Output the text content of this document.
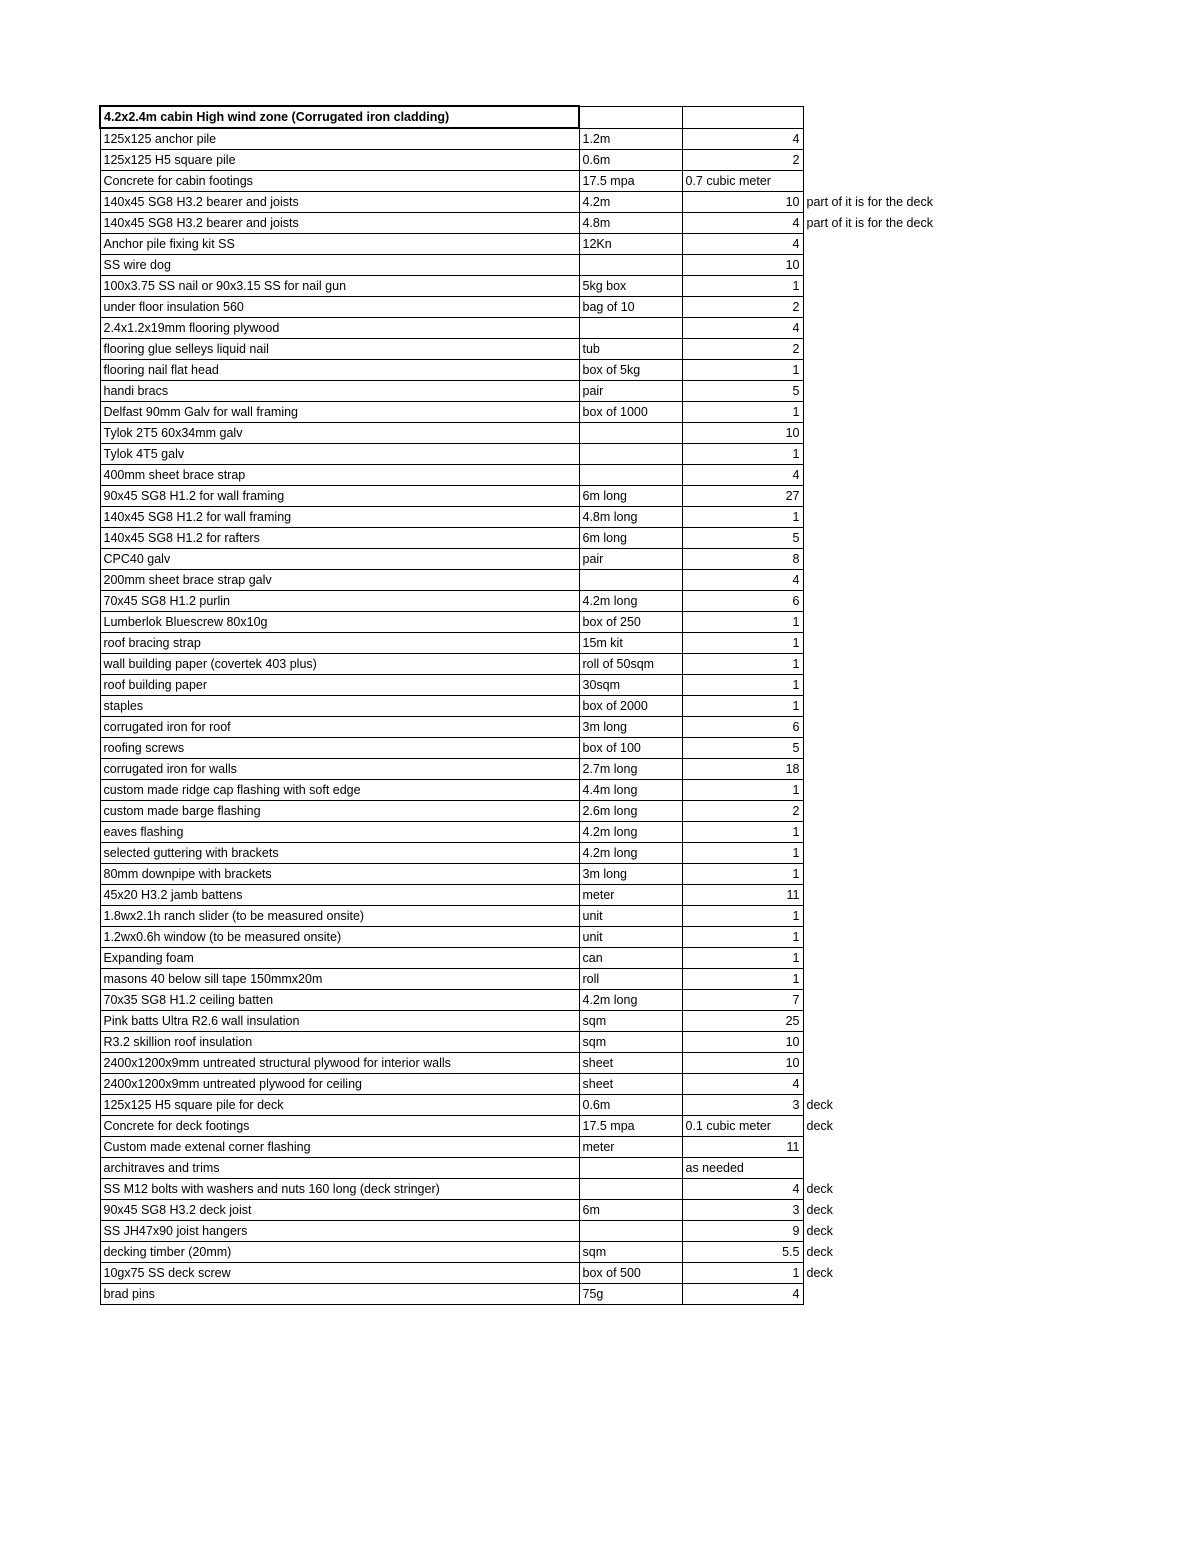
4.2x2.4m cabin High wind zone (Corrugated iron cladding)			
125x125 anchor pile	1.2m	4	

125x125 H5 square pile	0.6m	2	

Concrete for cabin footings	17.5 mpa	0.7 cubic meter	

140x45 SG8 H3.2 bearer and joists	4.2m	10	part of it is for the deck

140x45 SG8 H3.2 bearer and joists	4.8m	4	part of it is for the deck

Anchor pile fixing kit SS	12Kn	4	

SS wire dog		10	

100x3.75 SS nail or 90x3.15 SS for nail gun	5kg box	1	

under floor insulation 560	bag of 10	2	

2.4x1.2x19mm flooring plywood		4	

flooring glue selleys liquid nail	tub	2	

flooring nail flat head	box of 5kg	1	

handi bracs	pair	5	

Delfast 90mm Galv for wall framing	box of 1000	1	

Tylok 2T5 60x34mm galv		10	

Tylok 4T5 galv		1	

400mm sheet brace strap		4	

90x45 SG8 H1.2 for wall framing	6m long	27	

140x45 SG8 H1.2 for wall framing	4.8m long	1	

140x45 SG8 H1.2 for rafters	6m long	5	

CPC40 galv	pair	8	

200mm sheet brace strap galv		4	

70x45 SG8 H1.2 purlin	4.2m long	6	

Lumberlok Bluescrew 80x10g	box of 250	1	

roof bracing strap	15m kit	1	

wall building paper (covertek 403 plus)	roll of 50sqm	1	

roof building paper	30sqm	1	

staples	box of 2000	1	

corrugated iron for roof	3m long	6	

roofing screws	box of 100	5	

corrugated iron for walls	2.7m long	18	

custom made ridge cap flashing with soft edge	4.4m long	1	

custom made barge flashing	2.6m long	2	

eaves flashing	4.2m long	1	

selected guttering with brackets	4.2m long	1	

80mm downpipe with brackets	3m long	1	

45x20 H3.2 jamb battens	meter	11	

1.8wx2.1h ranch slider (to be measured onsite)	unit	1	

1.2wx0.6h window (to be measured onsite)	unit	1	

Expanding foam	can	1	

masons 40 below sill tape 150mmx20m	roll	1	

70x35 SG8 H1.2 ceiling batten	4.2m long	7	

Pink batts Ultra R2.6 wall insulation	sqm	25	

R3.2 skillion roof insulation	sqm	10	

2400x1200x9mm untreated structural plywood for interior walls	sheet	10	

2400x1200x9mm untreated plywood for ceiling	sheet	4	

125x125 H5 square pile for deck	0.6m	3	deck

Concrete for deck footings	17.5 mpa	0.1 cubic meter	deck

Custom made extenal corner flashing	meter	11	

architraves and trims		as needed	

SS M12 bolts with washers and nuts 160 long (deck stringer)		4	deck

90x45 SG8 H3.2 deck joist	6m	3	deck

SS JH47x90 joist hangers		9	deck

decking timber (20mm)	sqm	5.5	deck

10gx75 SS deck screw	box of 500	1	deck

brad pins	75g	4	
